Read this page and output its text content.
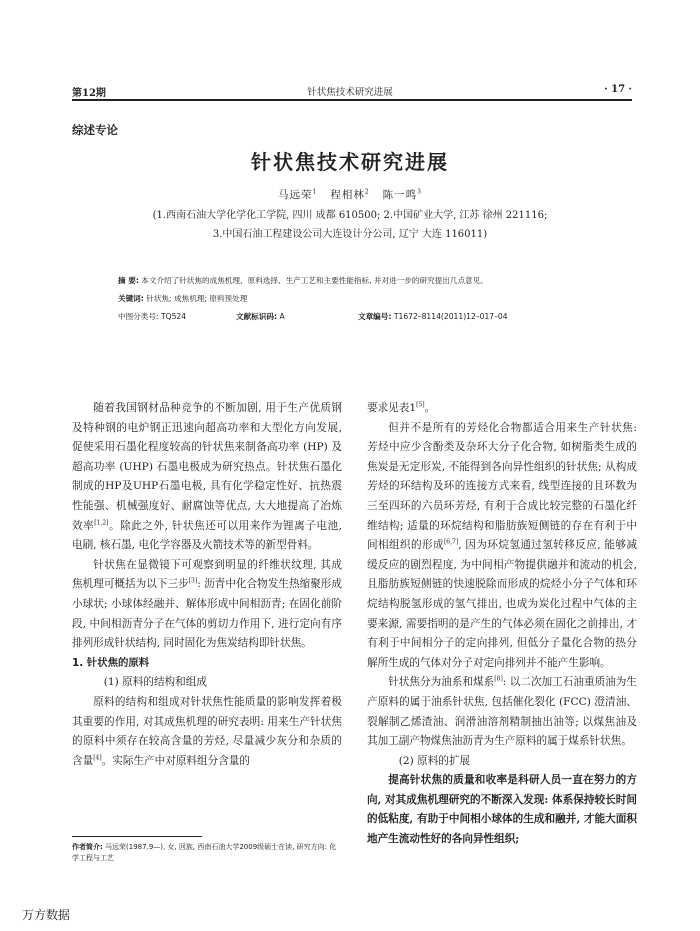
第12期	针状焦技术研究进展	· 17 ·
综述专论
针状焦技术研究进展
马远荣$^1$ 程相林$^2$ 陈一鸣$^3$
(1.西南石油大学化学化工学院, 四川 成都 610500; 2.中国矿业大学, 江苏 徐州 221116;
3.中国石油工程建设公司大连设计分公司, 辽宁 大连 116011)
摘 要: 本文介绍了针状焦的成焦机理、原料选择、生产工艺和主要性能指标, 并对进一步的研究提出几点意见。
关键词: 针状焦; 成焦机理; 原料预处理
中图分类号: TQ524	文献标识码: A	文章编号: T1672–8114(2011)12–017–04

随着我国钢材品种竞争的不断加剧, 用于生产优质钢及特种钢的电炉钢正迅速向超高功率和大型化方向发展, 促使采用石墨化程度较高的针状焦来制备高功率 (HP) 及超高功率 (UHP) 石墨电极成为研究热点。针状焦石墨化制成的HP及UHP石墨电极, 具有化学稳定性好、抗热震性能强、机械强度好、耐腐蚀等优点, 大大地提高了冶炼效率[1,2]。除此之外, 针状焦还可以用来作为锂离子电池, 电刷, 核石墨, 电化学容器及火箭技术等的新型骨料。

针状焦在显微镜下可观察到明显的纤维状纹理, 其成焦机理可概括为以下三步[3]: 沥青中化合物发生热缩聚形成小球状; 小球体经融并、解体形成中间相沥青; 在固化前阶段, 中间相沥青分子在气体的剪切力作用下, 进行定向有序排列形成针状结构, 同时固化为焦炭结构即针状焦。

1. 针状焦的原料

(1) 原料的结构和组成

原料的结构和组成对针状焦性能质量的影响发挥着极其重要的作用, 对其成焦机理的研究表明: 用来生产针状焦的原料中须存在较高含量的芳烃, 尽量减少灰分和杂质的含量[4]。实际生产中对原料组分含量的

要求见表1[5]。

但并不是所有的芳烃化合物都适合用来生产针状焦: 芳烃中应少含酚类及杂环大分子化合物, 如树脂类生成的焦炭是无定形炭, 不能得到各向异性组织的针状焦; 从构成芳烃的环结构及环的连接方式来看, 线型连接的且环数为三至四环的六员环芳烃, 有利于合成比较完整的石墨化纤维结构; 适量的环烷结构和脂肪族短侧链的存在有利于中间相组织的形成[6,7], 因为环烷氢通过氢转移反应, 能够减缓反应的剧烈程度, 为中间相产物提供融并和流动的机会, 且脂肪族短侧链的快速脱除而形成的烷烃小分子气体和环烷结构脱氢形成的氢气排出, 也成为炭化过程中气体的主要来源, 需要指明的是产生的气体必须在固化之前排出, 才有利于中间相分子的定向排列, 但低分子量化合物的热分解所生成的气体对分子对定向排列并不能产生影响。

针状焦分为油系和煤系[8]: 以二次加工石油重质油为生产原料的属于油系针状焦, 包括催化裂化 (FCC) 澄清油、裂解制乙烯渣油、润滑油溶剂精制抽出油等; 以煤焦油及其加工副产物煤焦油沥青为生产原料的属于煤系针状焦。

(2) 原料的扩展

提高针状焦的质量和收率是科研人员一直在努力的方向, 对其成焦机理研究的不断深入发现: 体系保持较长时间的低粘度, 有助于中间相小球体的生成和融并, 才能大面积地产生流动性好的各向异性组织;

作者简介: 马远荣(1987.9—), 女, 回族, 西南石油大学2009级硕士在读, 研究方向: 化学工程与工艺
万方数据
